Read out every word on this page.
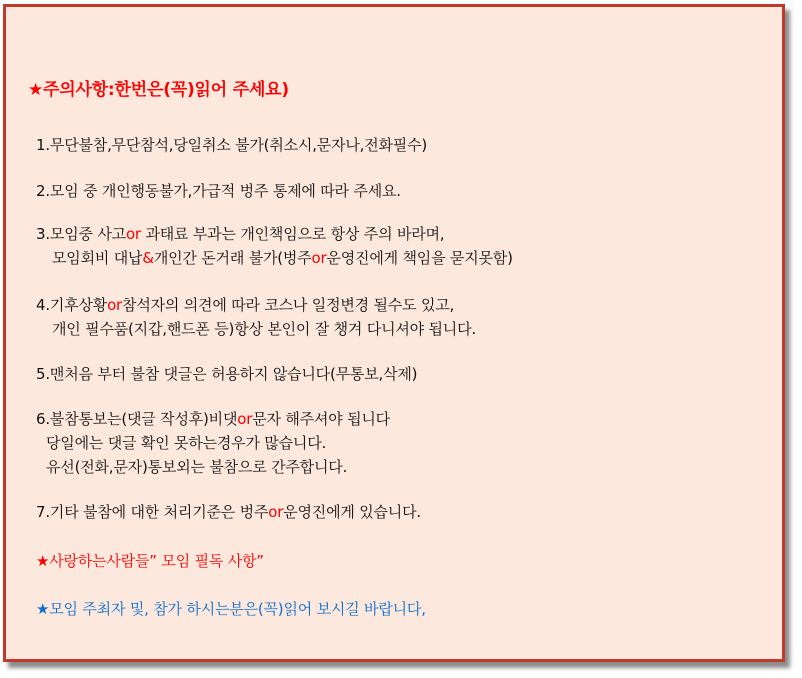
★주의사항:한번은(꼭)읽어 주세요)
1.무단불참,무단참석,당일취소 불가(취소시,문자나,전화필수)
2.모임 중 개인행동불가,가급적 벙주 통제에 따라 주세요.
3.모임중 사고or 과태료 부과는 개인책임으로 항상 주의 바라며,
모임회비 대납&개인간 돈거래 불가(벙주or운영진에게 책임을 묻지못함)
4.기후상황or참석자의 의견에 따라 코스나 일정변경 될수도 있고,
개인 필수품(지갑,핸드폰 등)항상 본인이 잘 챙겨 다니셔야 됩니다.
5.맨처음 부터 불참 댓글은 허용하지 않습니다(무통보,삭제)
6.불참통보는(댓글 작성후)비댓or문자 해주셔야 됩니다
당일에는 댓글 확인 못하는경우가 많습니다.
유선(전화,문자)통보외는 불참으로 간주합니다.
7.기타 불참에 대한 처리기준은 벙주or운영진에게 있습니다.
★사랑하는사람들” 모임 필독 사항”
★모임 주최자 및, 참가 하시는분은(꼭)읽어 보시길 바랍니다,
